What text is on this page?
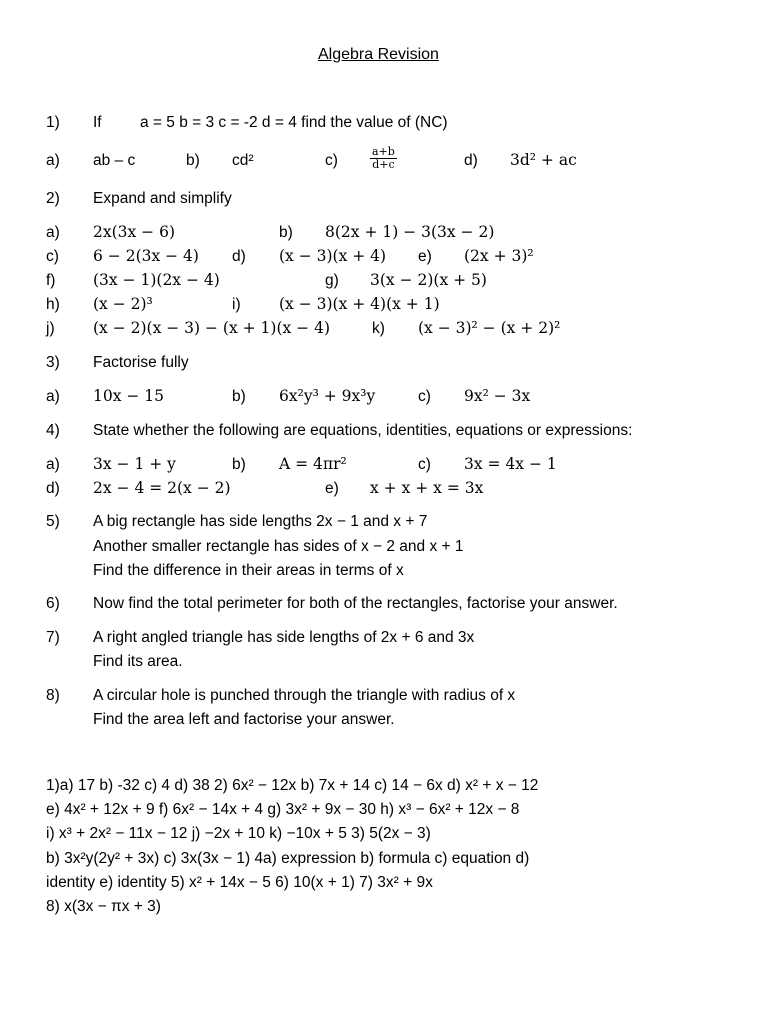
Algebra Revision
1) If a = 5 b = 3 c = -2 d = 4 find the value of (NC)
a) ab – c	b) cd²	c)	$\frac{a+b}{d+c}$	d) 3d² + ac
2) Expand and simplify
a) 2x(3x − 6)	b) 8(2x + 1) − 3(3x − 2)
c) 6 − 2(3x − 4) d) (x − 3)(x + 4) e) (2x + 3)²
f) (3x − 1)(2x − 4)	g) 3(x − 2)(x + 5)
h) (x − 2)³	i) (x − 3)(x + 4)(x + 1)
j) (x − 2)(x − 3) − (x + 1)(x − 4)	k) (x − 3)² − (x + 2)²
3) Factorise fully
a) 10x − 15	b) 6x²y³ + 9x³y	c) 9x² − 3x
4) State whether the following are equations, identities, equations or expressions:
a) 3x − 1 + y	b) A = 4πr²	c) 3x = 4x − 1
d) 2x − 4 = 2(x − 2)	e) x + x + x = 3x
5) A big rectangle has side lengths 2x − 1 and x + 7
Another smaller rectangle has sides of x − 2 and x + 1
Find the difference in their areas in terms of x
6) Now find the total perimeter for both of the rectangles, factorise your answer.
7) A right angled triangle has side lengths of 2x + 6 and 3x
Find its area.
8) A circular hole is punched through the triangle with radius of x
Find the area left and factorise your answer.
1)a) 17 b) -32 c) 4 d) 38 2) 6x² − 12x b) 7x + 14 c) 14 − 6x d) x² + x − 12
e) 4x² + 12x + 9 f) 6x² − 14x + 4 g) 3x² + 9x − 30 h) x³ − 6x² + 12x − 8
i) x³ + 2x² − 11x − 12 j) −2x + 10 k) −10x + 5 3) 5(2x − 3)
b) 3x²y(2y² + 3x) c) 3x(3x − 1) 4a) expression b) formula c) equation d)
identity e) identity 5) x² + 14x − 5 6) 10(x + 1) 7) 3x² + 9x
8) x(3x − πx + 3)
